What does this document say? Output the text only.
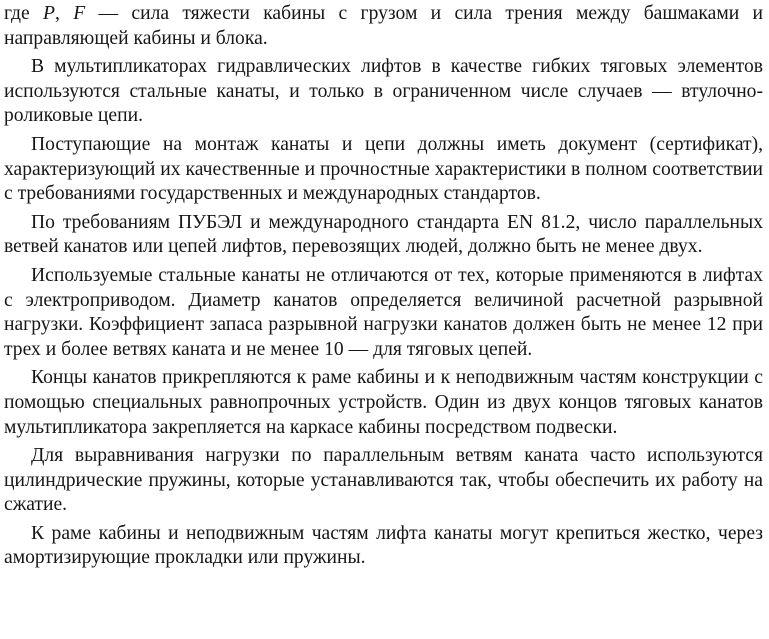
где P, F — сила тяжести кабины с грузом и сила трения между башмаками и направляющей кабины и блока.

В мультипликаторах гидравлических лифтов в качестве гибких тяговых элементов используются стальные канаты, и только в ограниченном числе случаев — втулочно-роликовые цепи.

Поступающие на монтаж канаты и цепи должны иметь документ (сертификат), характеризующий их качественные и прочностные характеристики в полном соответствии с требованиями государственных и международных стандартов.

По требованиям ПУБЭЛ и международного стандарта EN 81.2, число параллельных ветвей канатов или цепей лифтов, перевозящих людей, должно быть не менее двух.

Используемые стальные канаты не отличаются от тех, которые применяются в лифтах с электроприводом. Диаметр канатов определяется величиной расчетной разрывной нагрузки. Коэффициент запаса разрывной нагрузки канатов должен быть не менее 12 при трех и более ветвях каната и не менее 10 — для тяговых цепей.

Концы канатов прикрепляются к раме кабины и к неподвижным частям конструкции с помощью специальных равнопрочных устройств. Один из двух концов тяговых канатов мультипликатора закрепляется на каркасе кабины посредством подвески.

Для выравнивания нагрузки по параллельным ветвям каната часто используются цилиндрические пружины, которые устанавливаются так, чтобы обеспечить их работу на сжатие.

К раме кабины и неподвижным частям лифта канаты могут крепиться жестко, через амортизирующие прокладки или пружины.
